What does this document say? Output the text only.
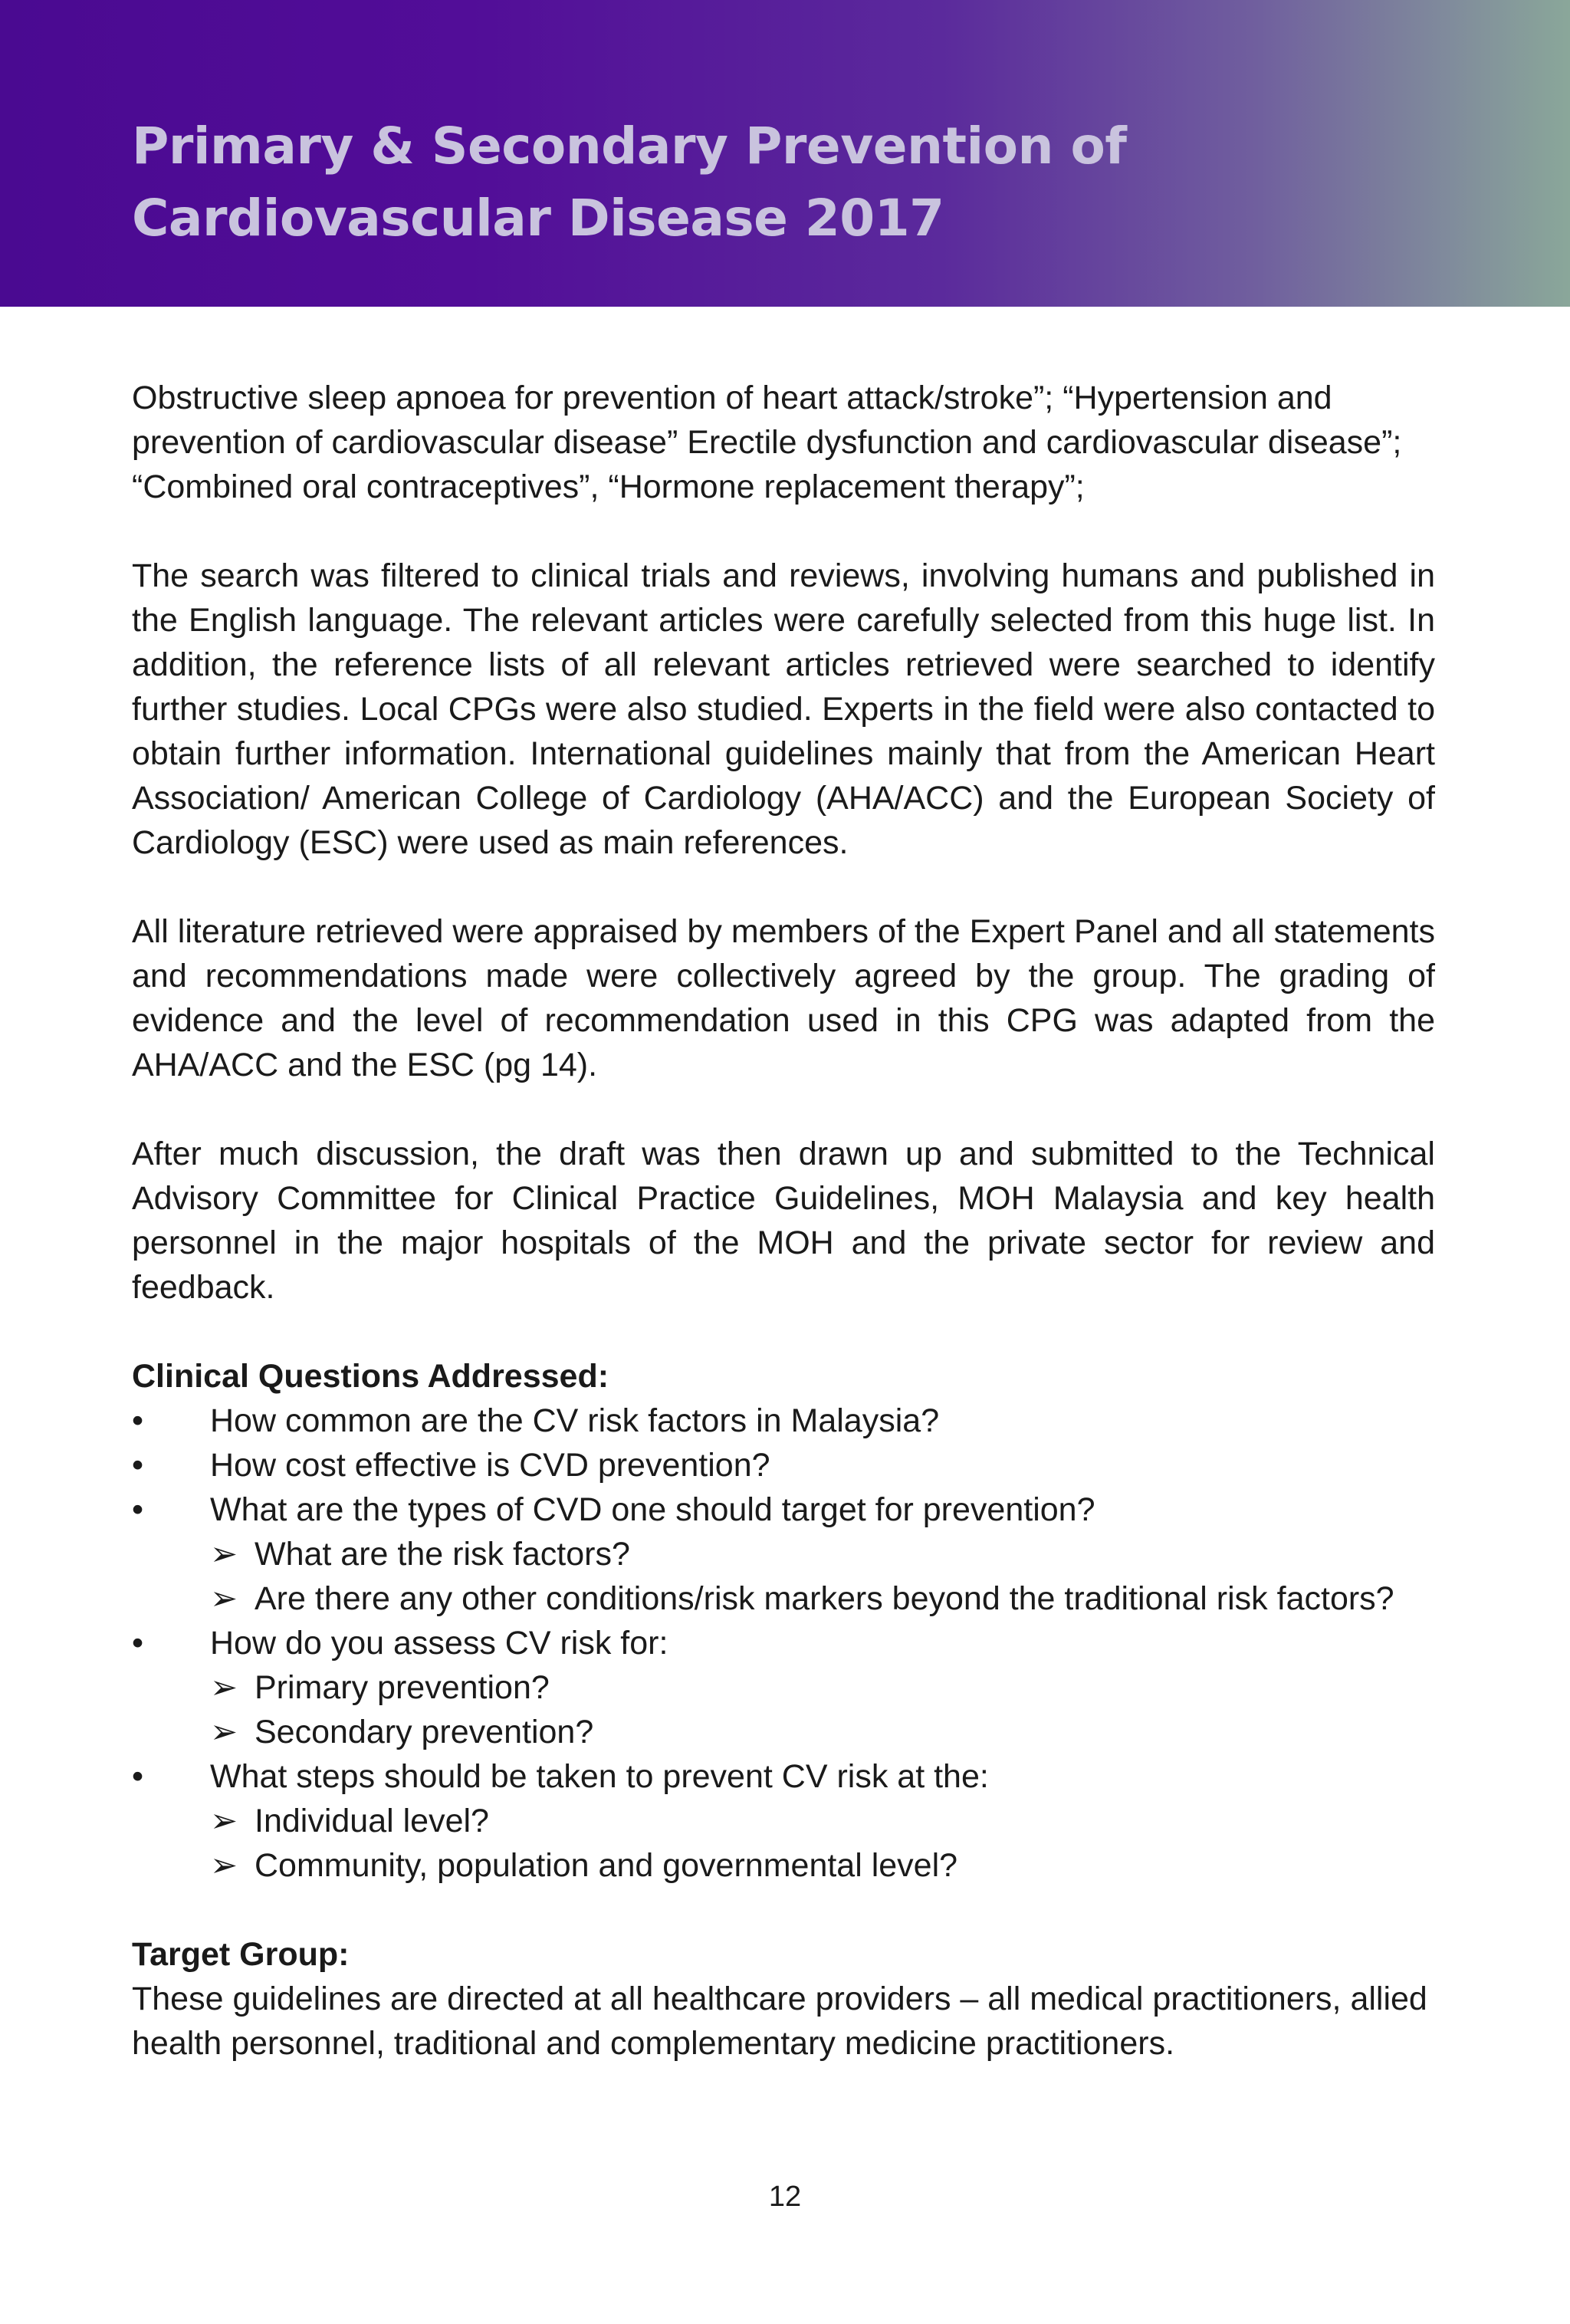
Primary & Secondary Prevention of Cardiovascular Disease 2017

Obstructive sleep apnoea for prevention of heart attack/stroke”; “Hypertension and prevention of cardiovascular disease” Erectile dysfunction and cardiovascular disease”; “Combined oral contraceptives”, “Hormone replacement therapy”;

The search was filtered to clinical trials and reviews, involving humans and published in the English language. The relevant articles were carefully selected from this huge list. In addition, the reference lists of all relevant articles retrieved were searched to identify further studies. Local CPGs were also studied. Experts in the field were also contacted to obtain further information. International guidelines mainly that from the American Heart Association/ American College of Cardiology (AHA/ACC) and the European Society of Cardiology (ESC) were used as main references.

All literature retrieved were appraised by members of the Expert Panel and all statements and recommendations made were collectively agreed by the group. The grading of evidence and the level of recommendation used in this CPG was adapted from the AHA/ACC and the ESC (pg 14).

After much discussion, the draft was then drawn up and submitted to the Technical Advisory Committee for Clinical Practice Guidelines, MOH Malaysia and key health personnel in the major hospitals of the MOH and the private sector for review and feedback.

Clinical Questions Addressed:
•	How common are the CV risk factors in Malaysia?
•	How cost effective is CVD prevention?
•	What are the types of CVD one should target for prevention?
➢ What are the risk factors?
➢ Are there any other conditions/risk markers beyond the traditional risk factors?
•	How do you assess CV risk for:
➢ Primary prevention?
➢ Secondary prevention?
•	What steps should be taken to prevent CV risk at the:
➢ Individual level?
➢ Community, population and governmental level?
Target Group:

These guidelines are directed at all healthcare providers – all medical practitioners, allied health personnel, traditional and complementary medicine practitioners.

12
